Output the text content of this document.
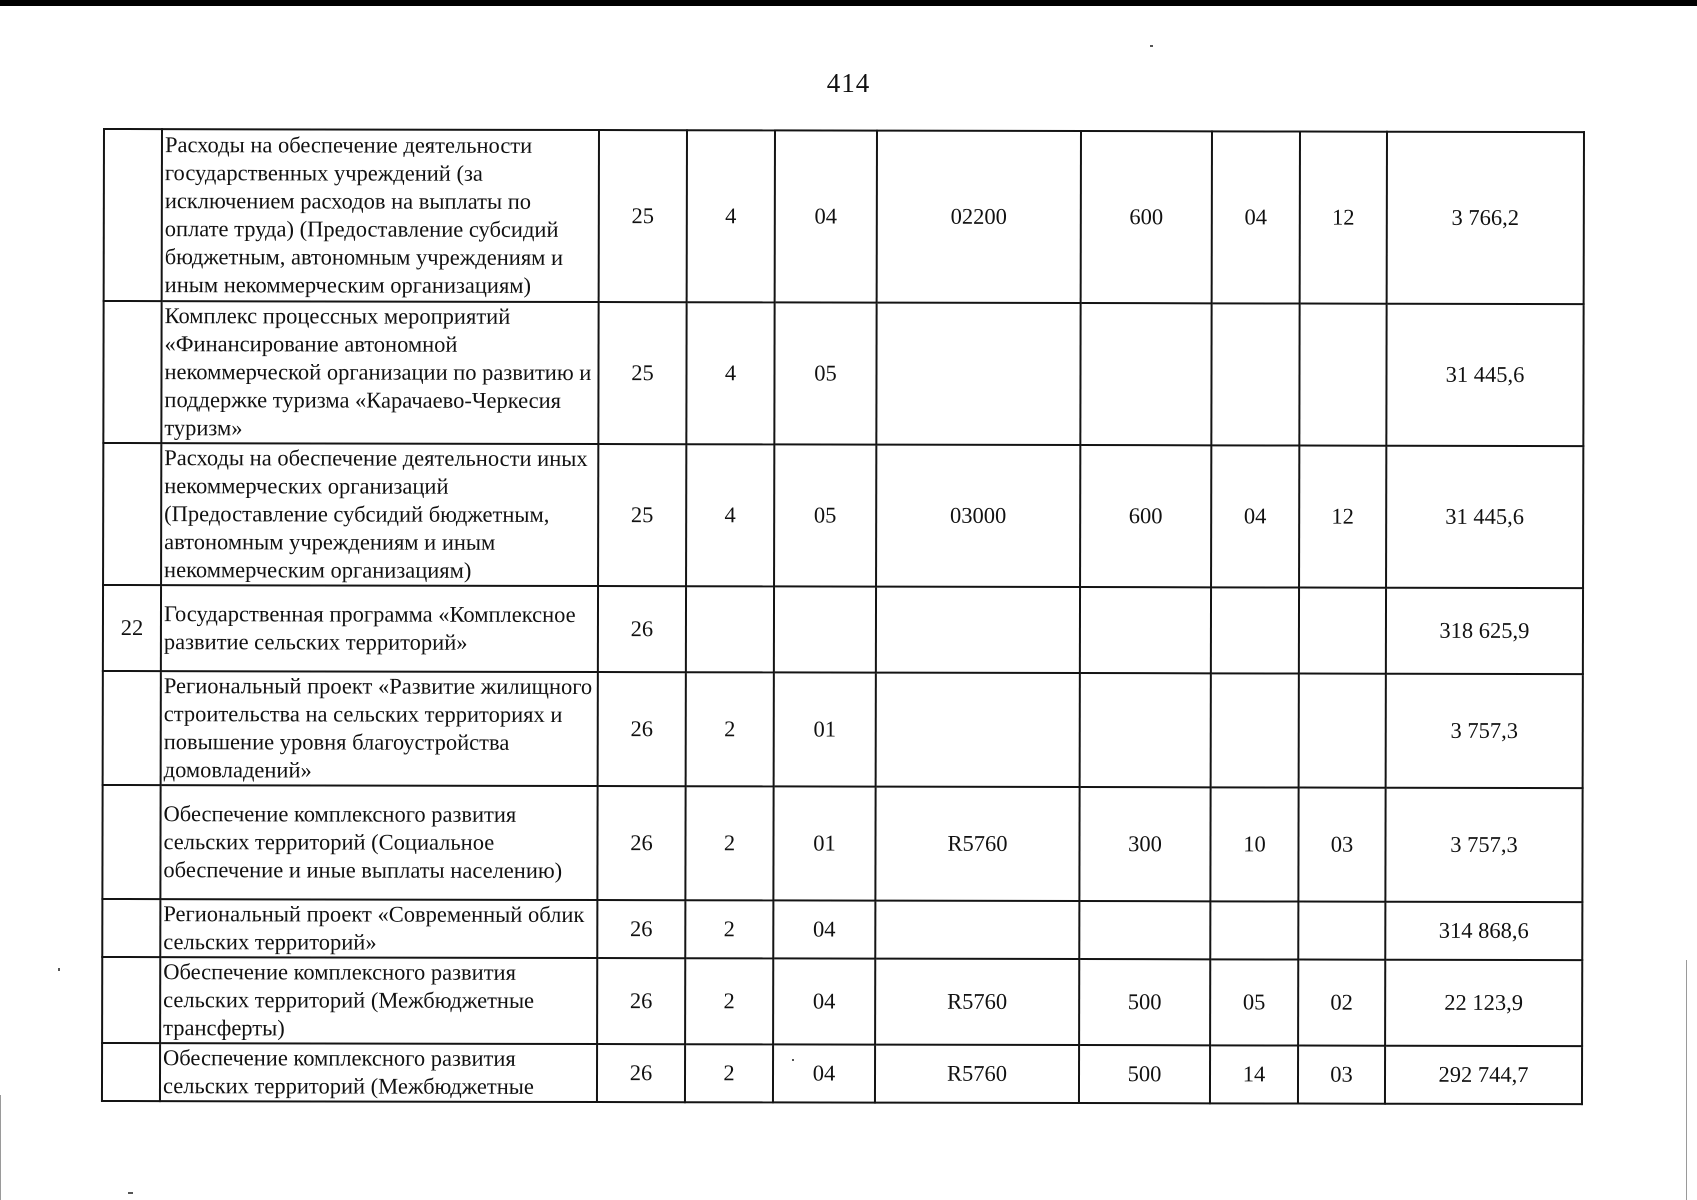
414
	Расходы на обеспечение деятельности государственных учреждений (за исключением расходов на выплаты по оплате труда) (Предоставление субсидий бюджетным, автономным учреждениям и иным некоммерческим организациям)	25	4	04	02200	600	04	12	3 766,2
	Комплекс процессных мероприятий «Финансирование автономной некоммерческой организации по развитию и поддержке туризма «Карачаево-Черкесия туризм»	25	4	05					31 445,6
	Расходы на обеспечение деятельности иных некоммерческих организаций (Предоставление субсидий бюджетным, автономным учреждениям и иным некоммерческим организациям)	25	4	05	03000	600	04	12	31 445,6
22	Государственная программа «Комплексное развитие сельских территорий»	26							318 625,9
	Региональный проект «Развитие жилищного строительства на сельских территориях и повышение уровня благоустройства домовладений»	26	2	01					3 757,3
	Обеспечение комплексного развития сельских территорий (Социальное обеспечение и иные выплаты населению)	26	2	01	R5760	300	10	03	3 757,3
	Региональный проект «Современный облик сельских территорий»	26	2	04					314 868,6
	Обеспечение комплексного развития сельских территорий (Межбюджетные трансферты)	26	2	04	R5760	500	05	02	22 123,9
	Обеспечение комплексного развития сельских территорий (Межбюджетные	26	2	04	R5760	500	14	03	292 744,7
